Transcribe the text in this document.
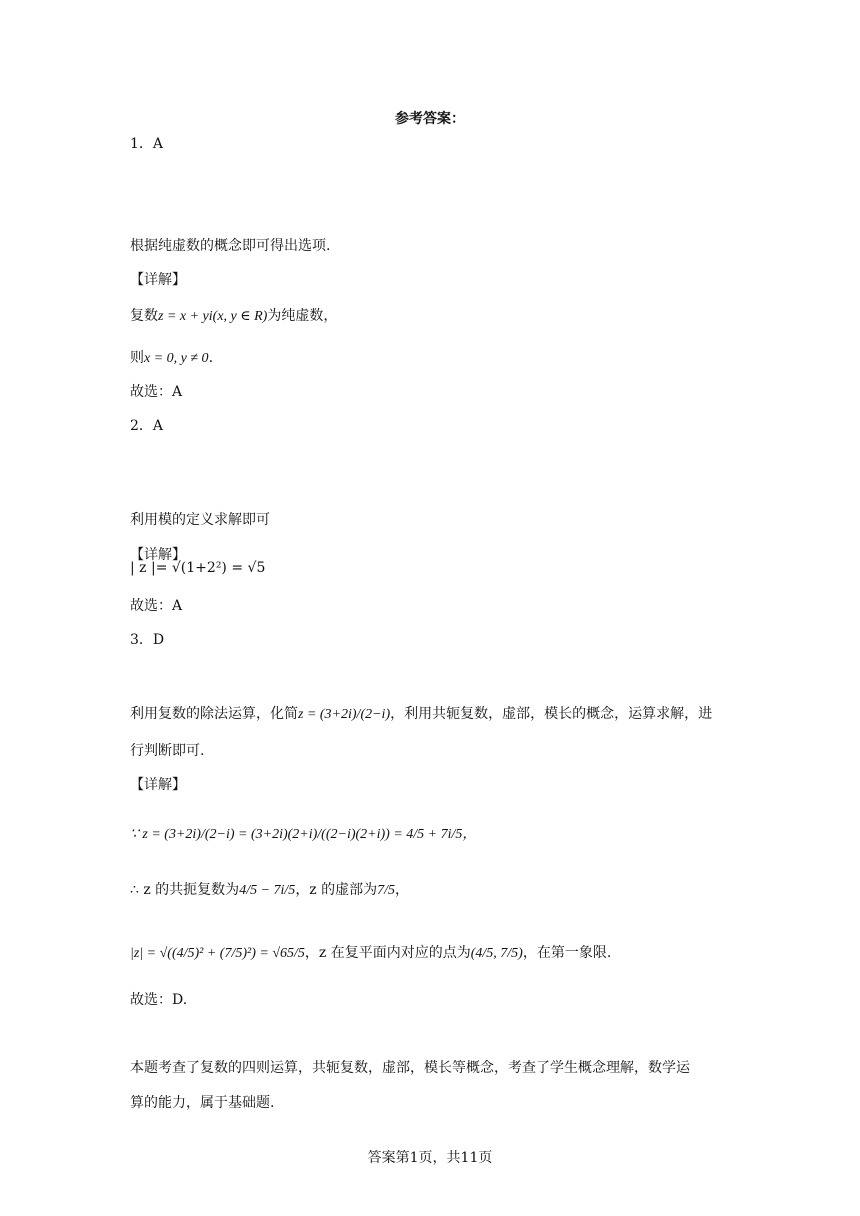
参考答案：
1．A
根据纯虚数的概念即可得出选项.
【详解】
复数z = x + yi(x, y ∈ R)为纯虚数，
则x = 0, y ≠ 0.
故选：A
2．A
利用模的定义求解即可
【详解】
| z |= √(1+2²) = √5
故选：A
3．D
利用复数的除法运算，化简z = (3+2i)/(2−i)，利用共轭复数，虚部，模长的概念，运算求解，进
行判断即可.
【详解】
∵ z = (3+2i)/(2−i) = (3+2i)(2+i)/((2−i)(2+i)) = 4/5 + 7i/5，
∴ z 的共扼复数为4/5 − 7i/5，z 的虚部为7/5，
|z| = √((4/5)² + (7/5)²) = √65/5，z 在复平面内对应的点为(4/5, 7/5)，在第一象限.
故选：D.
本题考查了复数的四则运算，共轭复数，虚部，模长等概念，考查了学生概念理解，数学运
算的能力，属于基础题.
答案第1页，共11页
